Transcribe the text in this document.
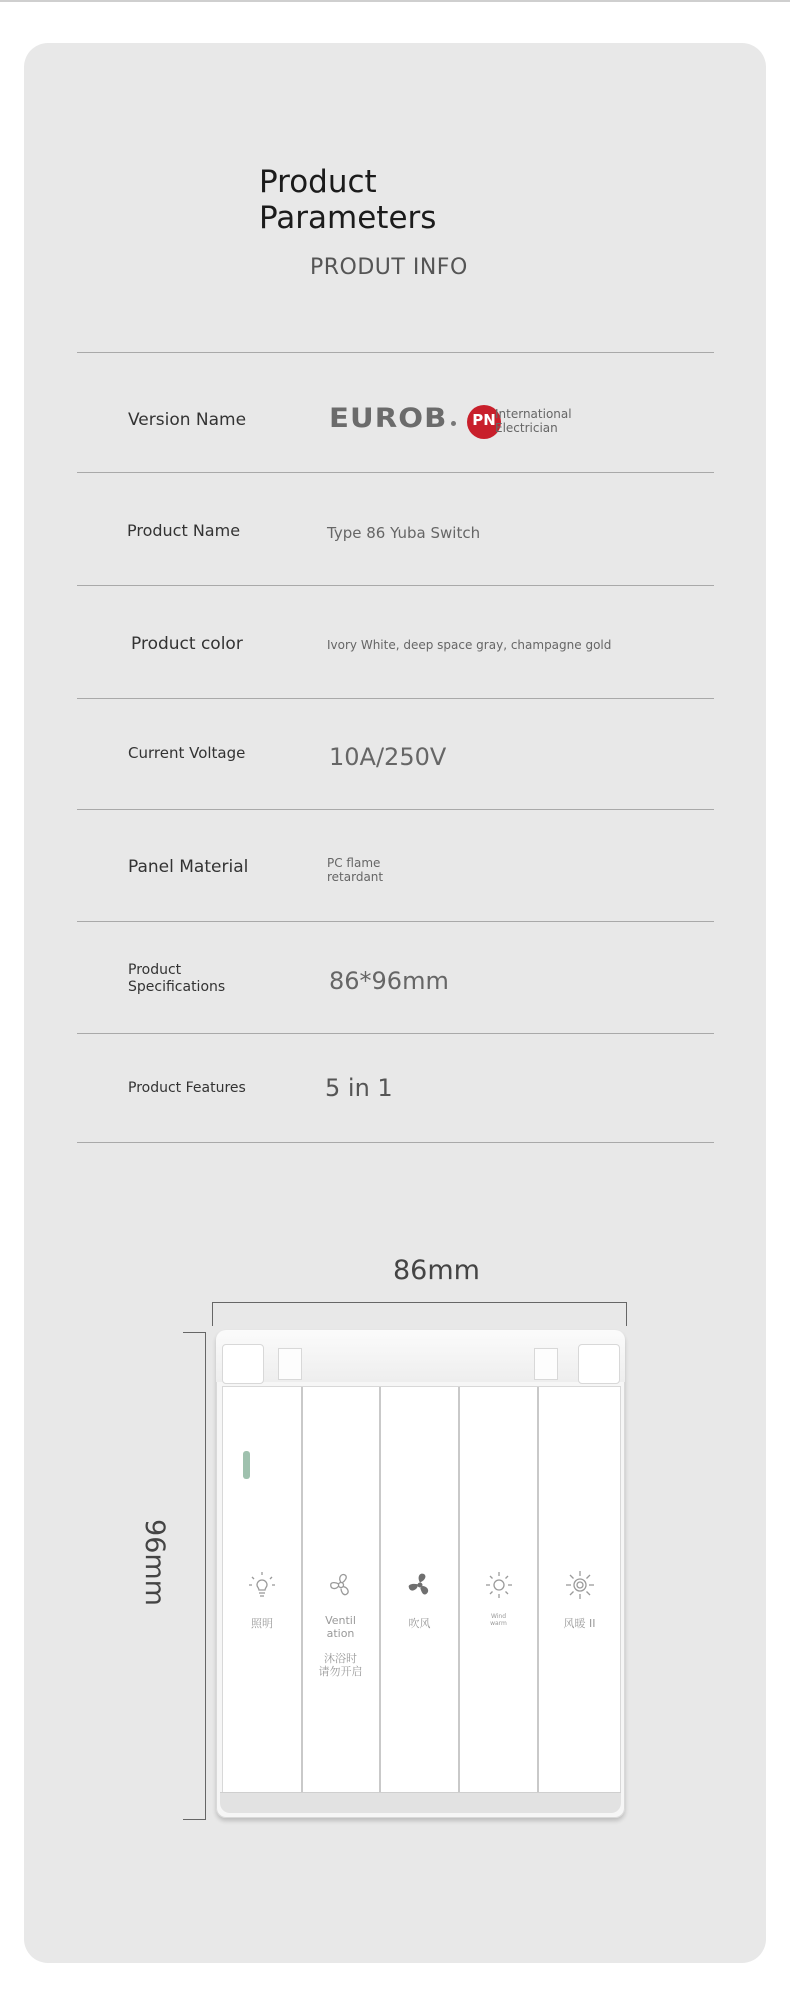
Product
Parameters
PRODUT INFO
Version Name	EUROB	PN International
Electrician
Product Name	Type 86 Yuba Switch
Product color	Ivory White, deep space gray, champagne gold
Current Voltage	10A/250V
Panel Material	PC flame
retardant
Product
Specifications	86*96mm
Product Features	5 in 1
86mm
96mm
照明	Ventil
ation
沐浴时
请勿开启
吹风
Wind
warm	风暖 II
